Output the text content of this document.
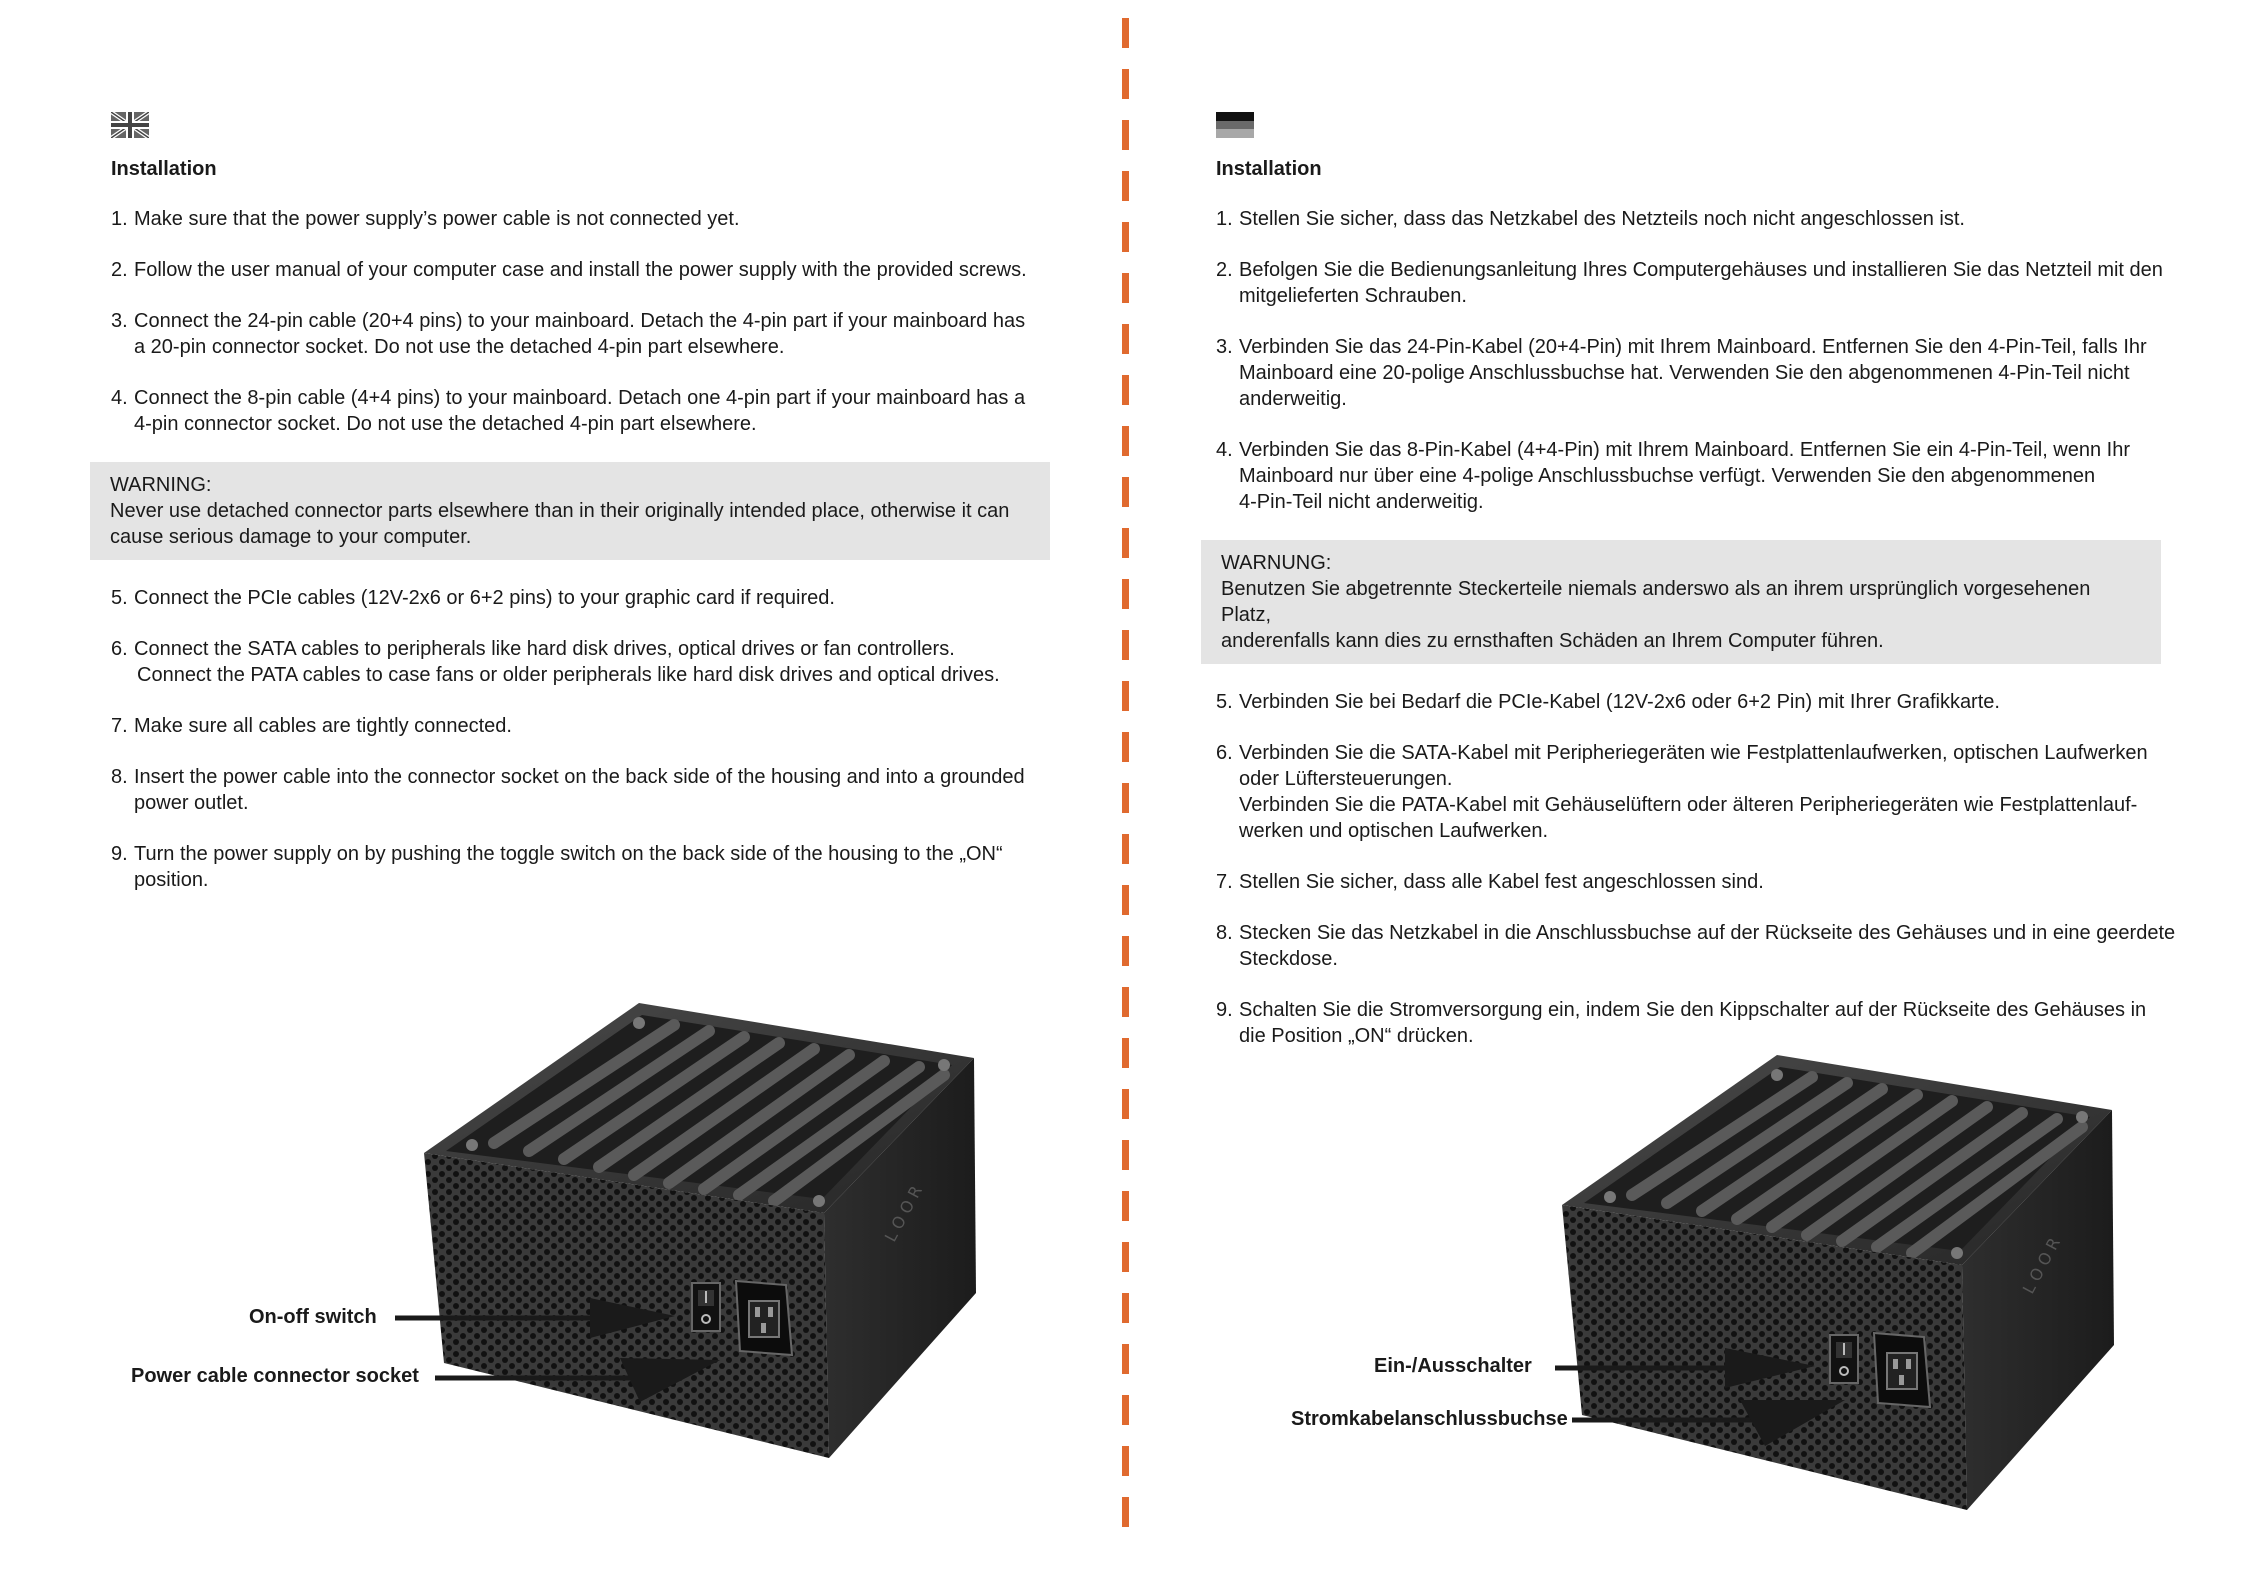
Installation
1. Make sure that the power supply’s power cable is not connected yet.

2. Follow the user manual of your computer case and install the power supply with the provided screws.

3. Connect the 24-pin cable (20+4 pins) to your mainboard. Detach the 4-pin part if your mainboard has

a 20-pin connector socket. Do not use the detached 4-pin part elsewhere.

4. Connect the 8-pin cable (4+4 pins) to your mainboard. Detach one 4-pin part if your mainboard has a

4-pin connector socket. Do not use the detached 4-pin part elsewhere.

WARNING:

Never use detached connector parts elsewhere than in their originally intended place, otherwise it can

cause serious damage to your computer.

5. Connect the PCIe cables (12V-2x6 or 6+2 pins) to your graphic card if required.

6. Connect the SATA cables to peripherals like hard disk drives, optical drives or fan controllers.

Connect the PATA cables to case fans or older peripherals like hard disk drives and optical drives.

7. Make sure all cables are tightly connected.

8. Insert the power cable into the connector socket on the back side of the housing and into a grounded

power outlet.

9. Turn the power supply on by pushing the toggle switch on the back side of the housing to the „ON“

position.

On-off switch
Power cable connector socket
Installation
1. Stellen Sie sicher, dass das Netzkabel des Netzteils noch nicht angeschlossen ist.

2. Befolgen Sie die Bedienungsanleitung Ihres Computergehäuses und installieren Sie das Netzteil mit den

mitgelieferten Schrauben.

3. Verbinden Sie das 24-Pin-Kabel (20+4-Pin) mit Ihrem Mainboard. Entfernen Sie den 4-Pin-Teil, falls Ihr

Mainboard eine 20-polige Anschlussbuchse hat. Verwenden Sie den abgenommenen 4-Pin-Teil nicht

anderweitig.

4. Verbinden Sie das 8-Pin-Kabel (4+4-Pin) mit Ihrem Mainboard. Entfernen Sie ein 4-Pin-Teil, wenn Ihr

Mainboard nur über eine 4-polige Anschlussbuchse verfügt. Verwenden Sie den abgenommenen

4-Pin-Teil nicht anderweitig.

WARNUNG:

Benutzen Sie abgetrennte Steckerteile niemals anderswo als an ihrem ursprünglich vorgesehenen Platz,

anderenfalls kann dies zu ernsthaften Schäden an Ihrem Computer führen.

5. Verbinden Sie bei Bedarf die PCIe-Kabel (12V-2x6 oder 6+2 Pin) mit Ihrer Grafikkarte.

6. Verbinden Sie die SATA-Kabel mit Peripheriegeräten wie Festplattenlaufwerken, optischen Laufwerken

oder Lüftersteuerungen.

Verbinden Sie die PATA-Kabel mit Gehäuselüftern oder älteren Peripheriegeräten wie Festplattenlauf-

werken und optischen Laufwerken.

7. Stellen Sie sicher, dass alle Kabel fest angeschlossen sind.

8. Stecken Sie das Netzkabel in die Anschlussbuchse auf der Rückseite des Gehäuses und in eine geerdete

Steckdose.

9. Schalten Sie die Stromversorgung ein, indem Sie den Kippschalter auf der Rückseite des Gehäuses in

die Position „ON“ drücken.

Ein-/Ausschalter
Stromkabelanschlussbuchse
